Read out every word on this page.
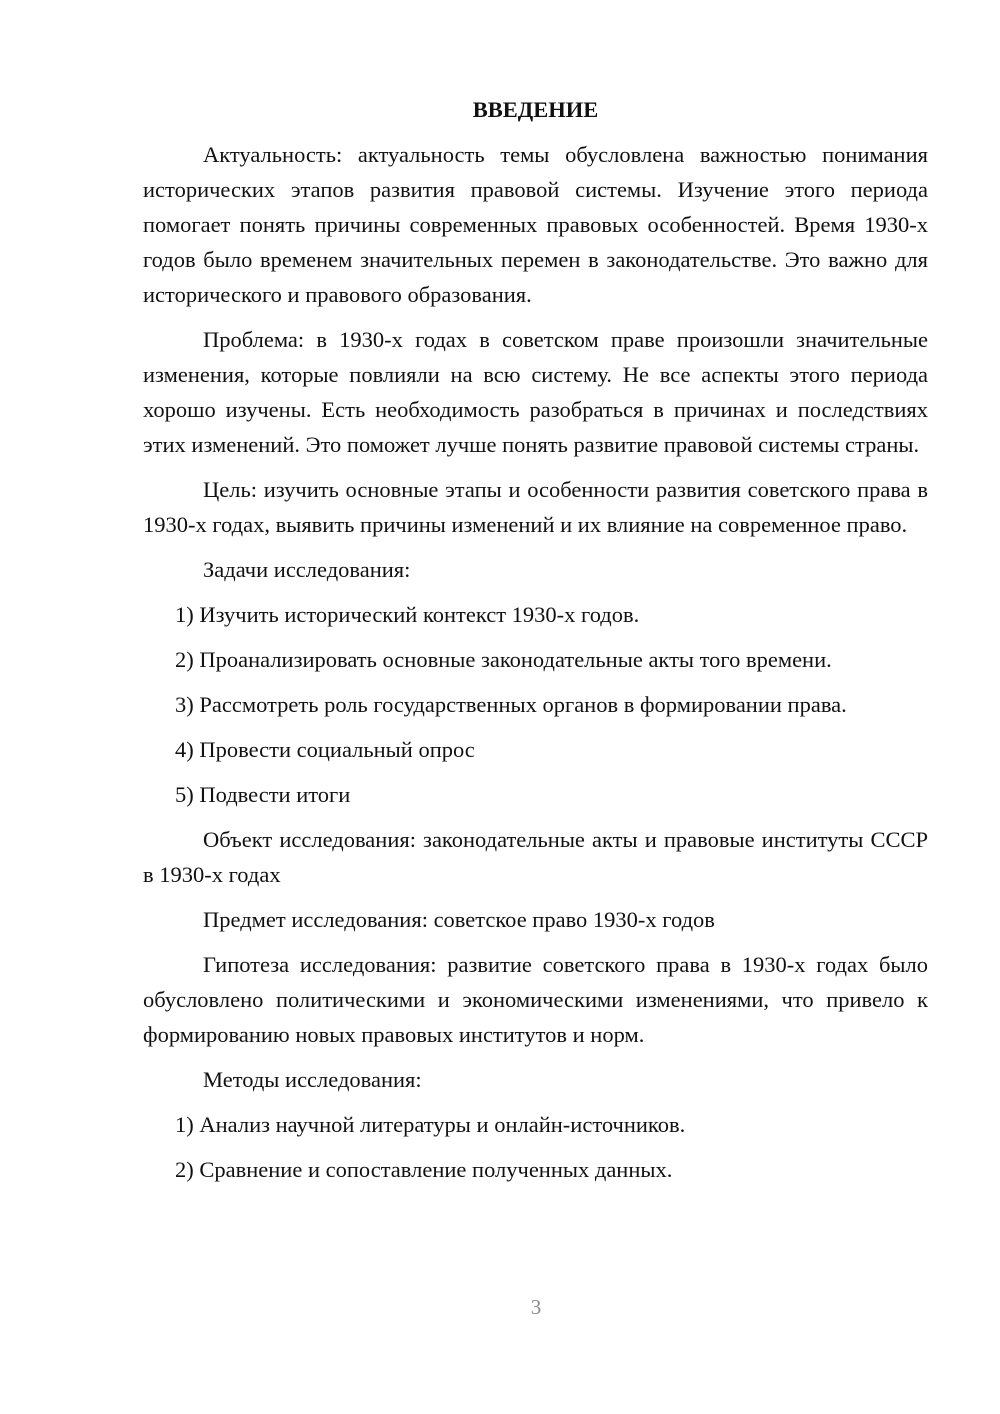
ВВЕДЕНИЕ

Актуальность: актуальность темы обусловлена важностью понимания исторических этапов развития правовой системы. Изучение этого периода помогает понять причины современных правовых особенностей. Время 1930-х годов было временем значительных перемен в законодательстве. Это важно для исторического и правового образования.

Проблема: в 1930-х годах в советском праве произошли значительные изменения, которые повлияли на всю систему. Не все аспекты этого периода хорошо изучены. Есть необходимость разобраться в причинах и последствиях этих изменений. Это поможет лучше понять развитие правовой системы страны.

Цель: изучить основные этапы и особенности развития советского права в 1930-х годах, выявить причины изменений и их влияние на современное право.

Задачи исследования:

1) Изучить исторический контекст 1930-х годов.
2) Проанализировать основные законодательные акты того времени.
3) Рассмотреть роль государственных органов в формировании права.
4) Провести социальный опрос
5) Подвести итоги

Объект исследования: законодательные акты и правовые институты СССР в 1930-х годах

Предмет исследования: советское право 1930-х годов

Гипотеза исследования: развитие советского права в 1930-х годах было обусловлено политическими и экономическими изменениями, что привело к формированию новых правовых институтов и норм.

Методы исследования:

1) Анализ научной литературы и онлайн-источников.
2) Сравнение и сопоставление полученных данных.
3
